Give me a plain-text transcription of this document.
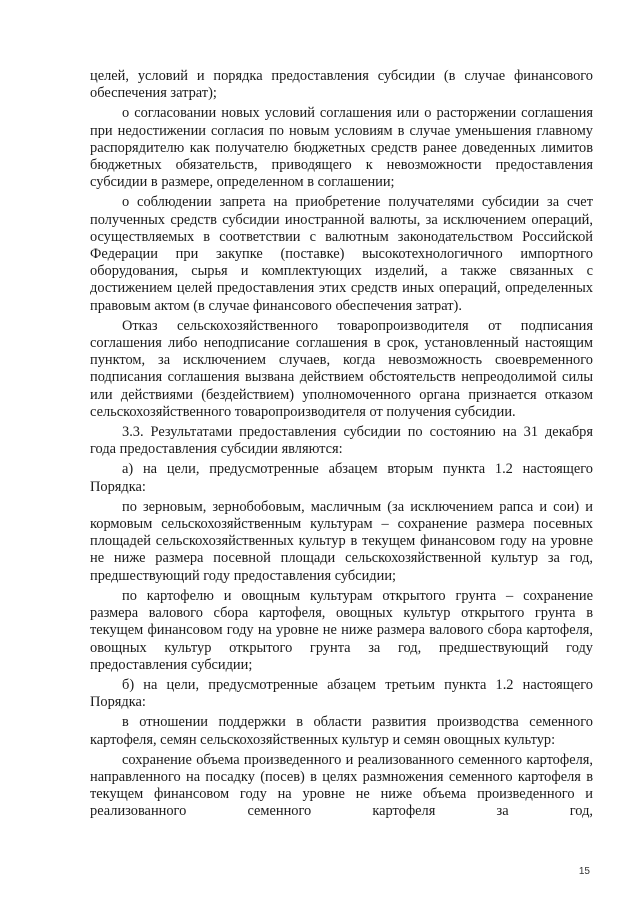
целей, условий и порядка предоставления субсидии (в случае финансового обеспечения затрат);

о согласовании новых условий соглашения или о расторжении соглашения при недостижении согласия по новым условиям в случае уменьшения главному распорядителю как получателю бюджетных средств ранее доведенных лимитов бюджетных обязательств, приводящего к невозможности предоставления субсидии в размере, определенном в соглашении;

о соблюдении запрета на приобретение получателями субсидии за счет полученных средств субсидии иностранной валюты, за исключением операций, осуществляемых в соответствии с валютным законодательством Российской Федерации при закупке (поставке) высокотехнологичного импортного оборудования, сырья и комплектующих изделий, а также связанных с достижением целей предоставления этих средств иных операций, определенных правовым актом (в случае финансового обеспечения затрат).

Отказ сельскохозяйственного товаропроизводителя от подписания соглашения либо неподписание соглашения в срок, установленный настоящим пунктом, за исключением случаев, когда невозможность своевременного подписания соглашения вызвана действием обстоятельств непреодолимой силы или действиями (бездействием) уполномоченного органа признается отказом сельскохозяйственного товаропроизводителя от получения субсидии.

3.3. Результатами предоставления субсидии по состоянию на 31 декабря года предоставления субсидии являются:

а) на цели, предусмотренные абзацем вторым пункта 1.2 настоящего Порядка:

по зерновым, зернобобовым, масличным (за исключением рапса и сои) и кормовым сельскохозяйственным культурам – сохранение размера посевных площадей сельскохозяйственных культур в текущем финансовом году на уровне не ниже размера посевной площади сельскохозяйственной культур за год, предшествующий году предоставления субсидии;

по картофелю и овощным культурам открытого грунта – сохранение размера валового сбора картофеля, овощных культур открытого грунта в текущем финансовом году на уровне не ниже размера валового сбора картофеля, овощных культур открытого грунта за год, предшествующий году предоставления субсидии;

б) на цели, предусмотренные абзацем третьим пункта 1.2 настоящего Порядка:

в отношении поддержки в области развития производства семенного картофеля, семян сельскохозяйственных культур и семян овощных культур:

сохранение объема произведенного и реализованного семенного картофеля, направленного на посадку (посев) в целях размножения семенного картофеля в текущем финансовом году на уровне не ниже объема произведенного и реализованного семенного картофеля за год,

15
